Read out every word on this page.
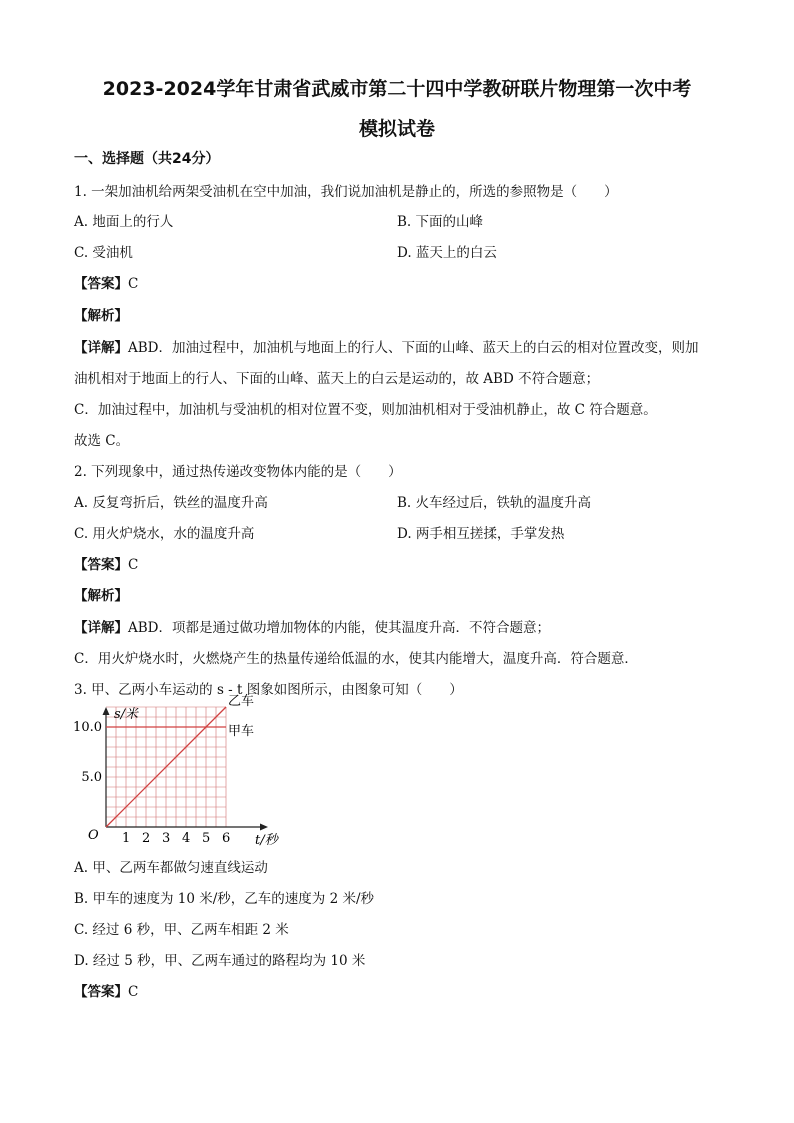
2023-2024学年甘肃省武威市第二十四中学教研联片物理第一次中考
模拟试卷
一、选择题（共24分）
1. 一架加油机给两架受油机在空中加油，我们说加油机是静止的，所选的参照物是（　　）
A. 地面上的行人	B. 下面的山峰
C. 受油机	D. 蓝天上的白云
【答案】C
【解析】
【详解】ABD．加油过程中，加油机与地面上的行人、下面的山峰、蓝天上的白云的相对位置改变，则加
油机相对于地面上的行人、下面的山峰、蓝天上的白云是运动的，故 ABD 不符合题意；
C．加油过程中，加油机与受油机的相对位置不变，则加油机相对于受油机静止，故 C 符合题意。
故选 C。
2. 下列现象中，通过热传递改变物体内能的是（　　）
A. 反复弯折后，铁丝的温度升高	B. 火车经过后，铁轨的温度升高
C. 用火炉烧水，水的温度升高	D. 两手相互搓揉，手掌发热
【答案】C
【解析】
【详解】ABD．项都是通过做功增加物体的内能，使其温度升高．不符合题意；
C．用火炉烧水时，火燃烧产生的热量传递给低温的水，使其内能增大，温度升高．符合题意．
3. 甲、乙两小车运动的 s - t 图象如图所示，由图象可知（　　）
s/米
t/秒
O 1 2 3 4 5 6
5.0
10.0
乙车
甲车
A. 甲、乙两车都做匀速直线运动
B. 甲车的速度为 10 米/秒，乙车的速度为 2 米/秒
C. 经过 6 秒，甲、乙两车相距 2 米
D. 经过 5 秒，甲、乙两车通过的路程均为 10 米
【答案】C
